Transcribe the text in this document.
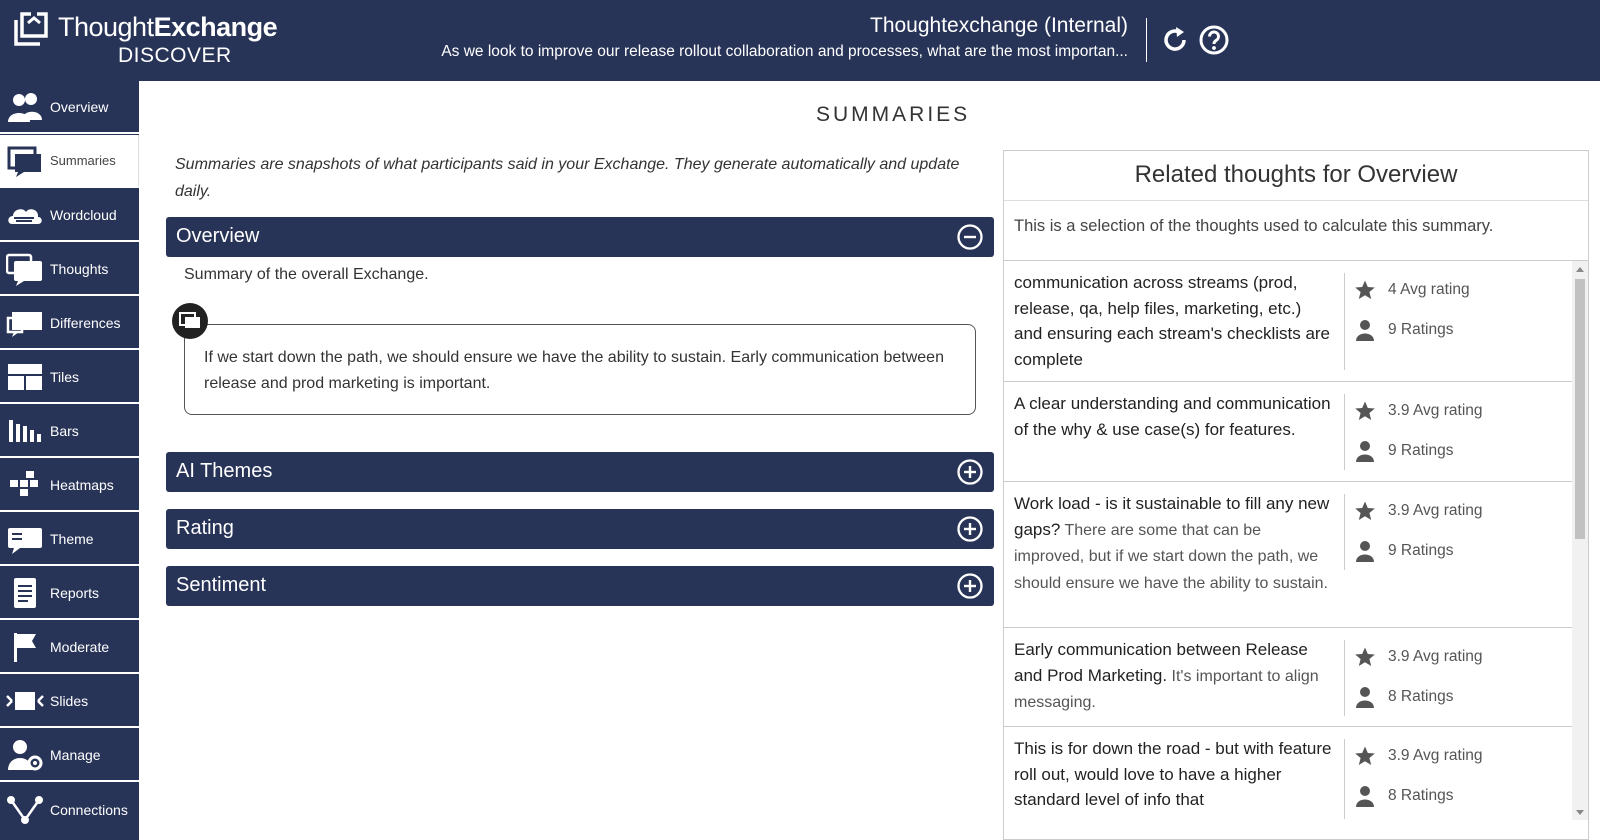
ThoughtExchange
DISCOVER
Thoughtexchange (Internal)
As we look to improve our release rollout collaboration and processes, what are the most importan...
Overview
Summaries
Wordcloud
Thoughts
Differences
Tiles
Bars
Heatmaps
Theme
Reports
Moderate
Slides
Manage
Connections
SUMMARIES
Summaries are snapshots of what participants said in your Exchange. They generate automatically and update daily.
Overview
Summary of the overall Exchange.
If we start down the path, we should ensure we have the ability to sustain. Early communication between release and prod marketing is important.
AI Themes
Rating
Sentiment
Related thoughts for Overview
This is a selection of the thoughts used to calculate this summary.
communication across streams (prod, release, qa, help files, marketing, etc.) and ensuring each stream's checklists are complete
4 Avg rating
9 Ratings
A clear understanding and communication of the why & use case(s) for features.
3.9 Avg rating
9 Ratings
Work load - is it sustainable to fill any new gaps? There are some that can be improved, but if we start down the path, we should ensure we have the ability to sustain.
3.9 Avg rating
9 Ratings
Early communication between Release and Prod Marketing. It's important to align messaging.
3.9 Avg rating
8 Ratings
This is for down the road - but with feature roll out, would love to have a higher standard level of info that
3.9 Avg rating
8 Ratings
